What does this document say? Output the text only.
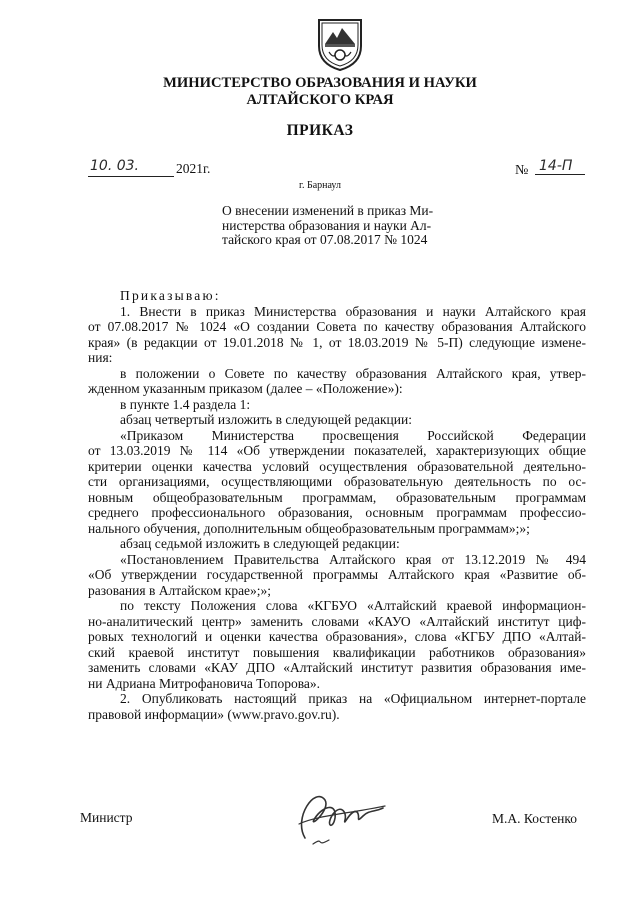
МИНИСТЕРСТВО ОБРАЗОВАНИЯ И НАУКИ
АЛТАЙСКОГО КРАЯ
ПРИКАЗ
10. 03.	2021г.	№ 14-П
г. Барнаул
О внесении изменений в приказ Ми-
нистерства образования и науки Ал-
тайского края от 07.08.2017 № 1024
Приказываю:
1. Внести в приказ Министерства образования и науки Алтайского края
от 07.08.2017 № 1024 «О создании Совета по качеству образования Алтайского
края» (в редакции от 19.01.2018 № 1, от 18.03.2019 № 5-П) следующие измене-
ния:
в положении о Совете по качеству образования Алтайского края, утвер-
жденном указанным приказом (далее – «Положение»):
в пункте 1.4 раздела 1:
абзац четвертый изложить в следующей редакции:
«Приказом Министерства просвещения Российской Федерации
от 13.03.2019 № 114 «Об утверждении показателей, характеризующих общие
критерии оценки качества условий осуществления образовательной деятельно-
сти организациями, осуществляющими образовательную деятельность по ос-
новным общеобразовательным программам, образовательным программам
среднего профессионального образования, основным программам профессио-
нального обучения, дополнительным общеобразовательным программам»;»;
абзац седьмой изложить в следующей редакции:
«Постановлением Правительства Алтайского края от 13.12.2019 № 494
«Об утверждении государственной программы Алтайского края «Развитие об-
разования в Алтайском крае»;»;
по тексту Положения слова «КГБУО «Алтайский краевой информацион-
но-аналитический центр» заменить словами «КАУО «Алтайский институт циф-
ровых технологий и оценки качества образования», слова «КГБУ ДПО «Алтай-
ский краевой институт повышения квалификации работников образования»
заменить словами «КАУ ДПО «Алтайский институт развития образования име-
ни Адриана Митрофановича Топорова».
2. Опубликовать настоящий приказ на «Официальном интернет-портале
правовой информации» (www.pravo.gov.ru).
Министр	М.А. Костенко
